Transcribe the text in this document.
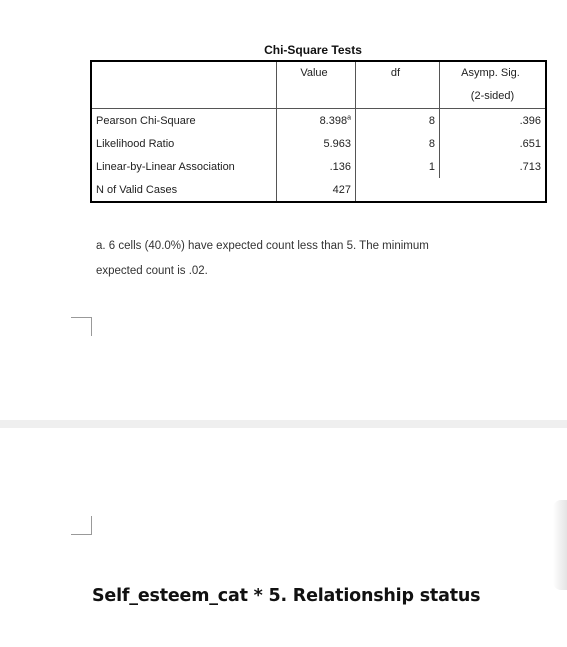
Chi-Square Tests
	Value	df	Asymp. Sig.
			(2-sided)
Pearson Chi-Square	8.398$^a$	8	.396
Likelihood Ratio	5.963	8	.651
Linear-by-Linear Association	.136	1	.713
N of Valid Cases	427		
a. 6 cells (40.0%) have expected count less than 5. The minimum
expected count is .02.
Self_esteem_cat * 5. Relationship status
